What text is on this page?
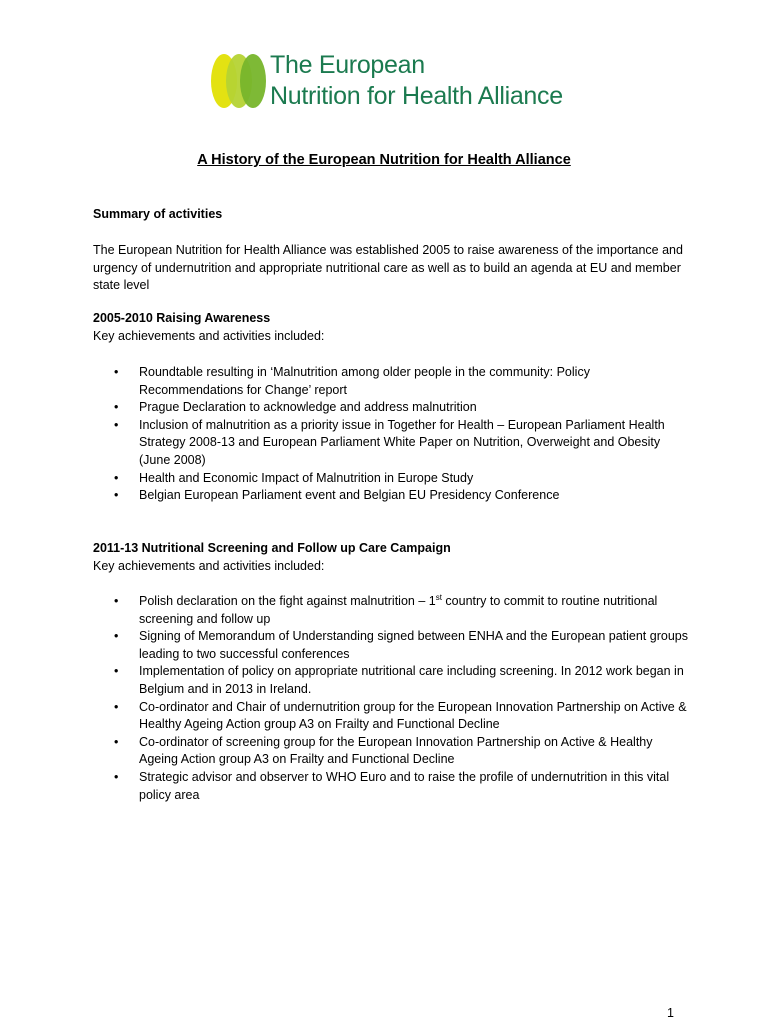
The European
Nutrition for Health Alliance
A History of the European Nutrition for Health Alliance
Summary of activities
The European Nutrition for Health Alliance was established 2005 to raise awareness of the importance and urgency of undernutrition and appropriate nutritional care as well as to build an agenda at EU and member state level
2005-2010 Raising Awareness
Key achievements and activities included:
• Roundtable resulting in ‘Malnutrition among older people in the community: Policy Recommendations for Change’ report
• Prague Declaration to acknowledge and address malnutrition
• Inclusion of malnutrition as a priority issue in Together for Health – European Parliament Health Strategy 2008-13 and European Parliament White Paper on Nutrition, Overweight and Obesity (June 2008)
• Health and Economic Impact of Malnutrition in Europe Study
• Belgian European Parliament event and Belgian EU Presidency Conference
2011-13 Nutritional Screening and Follow up Care Campaign
Key achievements and activities included:
• Polish declaration on the fight against malnutrition – 1st country to commit to routine nutritional screening and follow up
• Signing of Memorandum of Understanding signed between ENHA and the European patient groups leading to two successful conferences
• Implementation of policy on appropriate nutritional care including screening. In 2012 work began in Belgium and in 2013 in Ireland.
• Co-ordinator and Chair of undernutrition group for the European Innovation Partnership on Active & Healthy Ageing Action group A3 on Frailty and Functional Decline
• Co-ordinator of screening group for the European Innovation Partnership on Active & Healthy Ageing Action group A3 on Frailty and Functional Decline
• Strategic advisor and observer to WHO Euro and to raise the profile of undernutrition in this vital policy area
1
